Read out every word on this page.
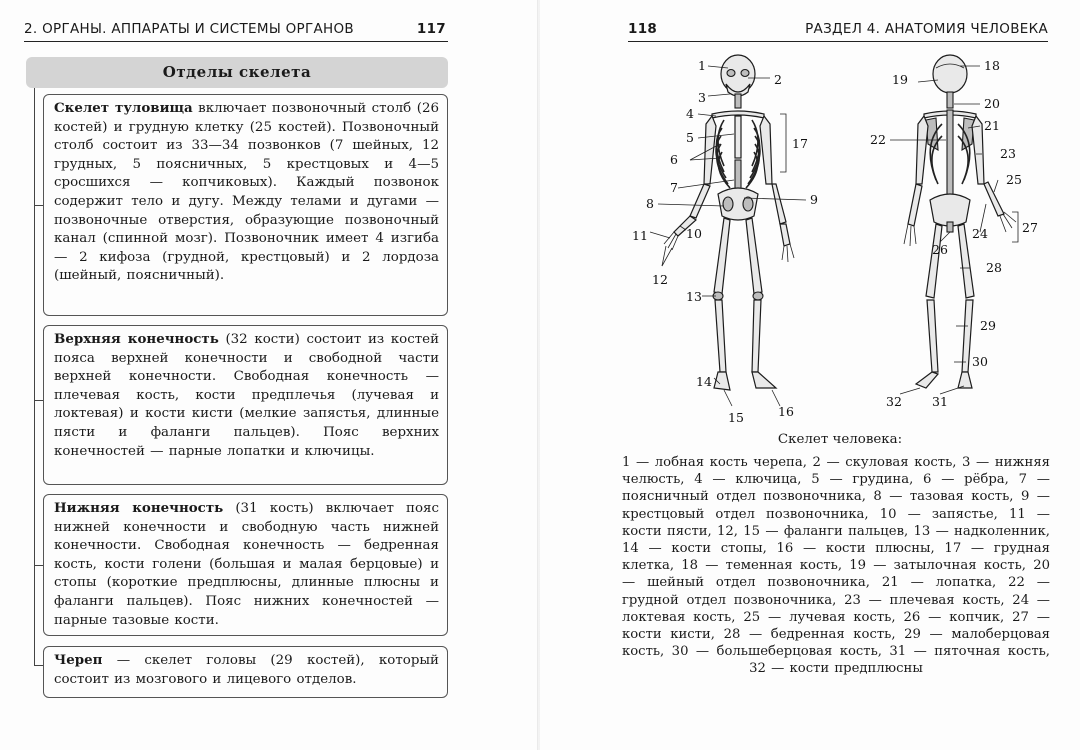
2. ОРГАНЫ. АППАРАТЫ И СИСТЕМЫ ОРГАНОВ	117
Отделы скелета
Скелет туловища включает позвоночный столб (26 костей) и грудную клетку (25 костей). Позвоночный столб состоит из 33—34 позвонков (7 шейных, 12 грудных, 5 поясничных, 5 крестцовых и 4—5 сросшихся — копчиковых). Каждый позвонок содержит тело и дугу. Между телами и дугами — позвоночные отверстия, образующие позвоночный канал (спинной мозг). Позвоночник имеет 4 изгиба — 2 кифоза (грудной, крестцовый) и 2 лордоза (шейный, поясничный).
Верхняя конечность (32 кости) состоит из костей пояса верхней конечности и свободной части верхней конечности. Свободная конечность — плечевая кость, кости предплечья (лучевая и локтевая) и кости кисти (мелкие запястья, длинные пясти и фаланги пальцев). Пояс верхних конечностей — парные лопатки и ключицы.
Нижняя конечность (31 кость) включает пояс нижней конечности и свободную часть нижней конечности. Свободная конечность — бедренная кость, кости голени (большая и малая берцовые) и стопы (короткие предплюсны, длинные плюсны и фаланги пальцев). Пояс нижних конечностей — парные тазовые кости.
Череп — скелет головы (29 костей), который состоит из мозгового и лицевого отделов.
118	РАЗДЕЛ 4. АНАТОМИЯ ЧЕЛОВЕКА
1
2
3
4
5
6
7
8	9
10
11
12
13
14
15	16
17
18
19
20
21
22
23
24
25
26
27
28
29
30
31
32
Скелет человека:
1 — лобная кость черепа, 2 — скуловая кость, 3 — нижняя челюсть, 4 — ключица, 5 — грудина, 6 — рёбра, 7 — поясничный отдел позвоночника, 8 — тазовая кость, 9 — крестцовый отдел позвоночника, 10 — запястье, 11 — кости пясти, 12, 15 — фаланги пальцев, 13 — надколенник, 14 — кости стопы, 16 — кости плюсны, 17 — грудная клетка, 18 — теменная кость, 19 — затылочная кость, 20 — шейный отдел позвоночника, 21 — лопатка, 22 — грудной отдел позвоночника, 23 — плечевая кость, 24 — локтевая кость, 25 — лучевая кость, 26 — копчик, 27 — кости кисти, 28 — бедренная кость, 29 — малоберцовая кость, 30 — большеберцовая кость, 31 — пяточная кость, 32 — кости предплюсны
